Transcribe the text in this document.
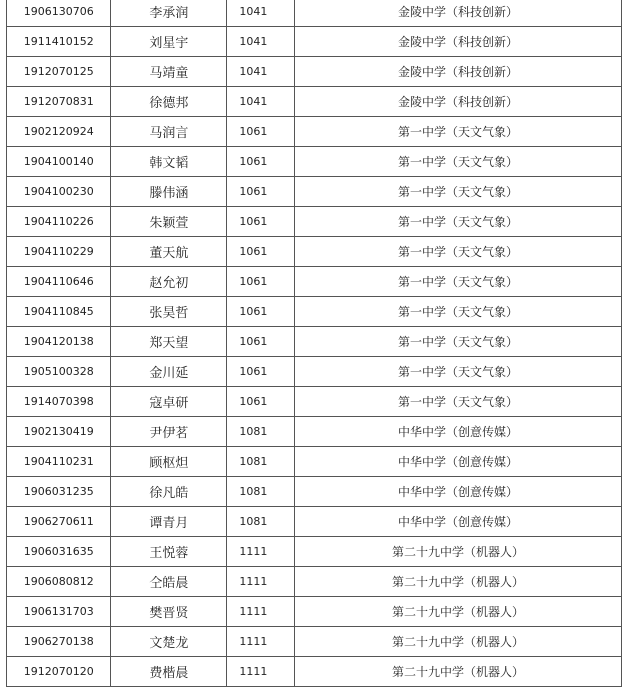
1906130706	李承润	1041	金陵中学（科技创新）
1911410152	刘星宇	1041	金陵中学（科技创新）
1912070125	马靖童	1041	金陵中学（科技创新）
1912070831	徐德邦	1041	金陵中学（科技创新）
1902120924	马润言	1061	第一中学（天文气象）
1904100140	韩文韬	1061	第一中学（天文气象）
1904100230	滕伟涵	1061	第一中学（天文气象）
1904110226	朱颖萱	1061	第一中学（天文气象）
1904110229	董天航	1061	第一中学（天文气象）
1904110646	赵允初	1061	第一中学（天文气象）
1904110845	张昊哲	1061	第一中学（天文气象）
1904120138	郑天望	1061	第一中学（天文气象）
1905100328	金川延	1061	第一中学（天文气象）
1914070398	寇卓研	1061	第一中学（天文气象）
1902130419	尹伊茗	1081	中华中学（创意传媒）
1904110231	顾枢炟	1081	中华中学（创意传媒）
1906031235	徐凡皓	1081	中华中学（创意传媒）
1906270611	谭青月	1081	中华中学（创意传媒）
1906031635	王悦蓉	1111	第二十九中学（机器人）
1906080812	仝皓晨	1111	第二十九中学（机器人）
1906131703	樊晋贤	1111	第二十九中学（机器人）
1906270138	文楚龙	1111	第二十九中学（机器人）
1912070120	费楷晨	1111	第二十九中学（机器人）
